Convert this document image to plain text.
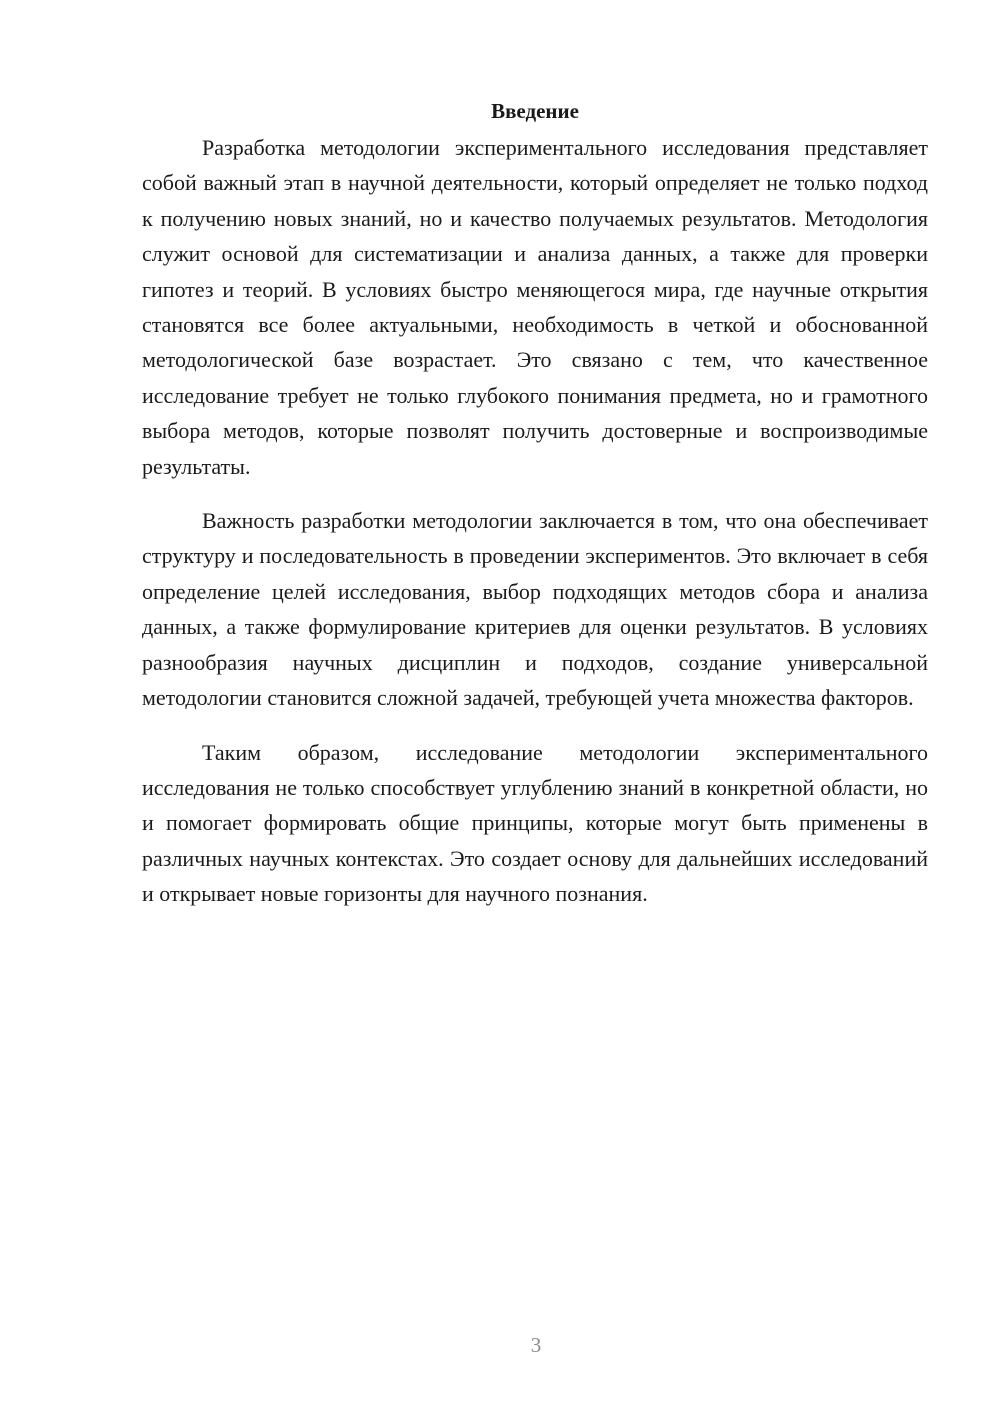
Введение

Разработка методологии экспериментального исследования представляет собой важный этап в научной деятельности, который определяет не только подход к получению новых знаний, но и качество получаемых результатов. Методология служит основой для систематизации и анализа данных, а также для проверки гипотез и теорий. В условиях быстро меняющегося мира, где научные открытия становятся все более актуальными, необходимость в четкой и обоснованной методологической базе возрастает. Это связано с тем, что качественное исследование требует не только глубокого понимания предмета, но и грамотного выбора методов, которые позволят получить достоверные и воспроизводимые результаты.

Важность разработки методологии заключается в том, что она обеспечивает структуру и последовательность в проведении экспериментов. Это включает в себя определение целей исследования, выбор подходящих методов сбора и анализа данных, а также формулирование критериев для оценки результатов. В условиях разнообразия научных дисциплин и подходов, создание универсальной методологии становится сложной задачей, требующей учета множества факторов.

Таким образом, исследование методологии экспериментального исследования не только способствует углублению знаний в конкретной области, но и помогает формировать общие принципы, которые могут быть применены в различных научных контекстах. Это создает основу для дальнейших исследований и открывает новые горизонты для научного познания.

3
